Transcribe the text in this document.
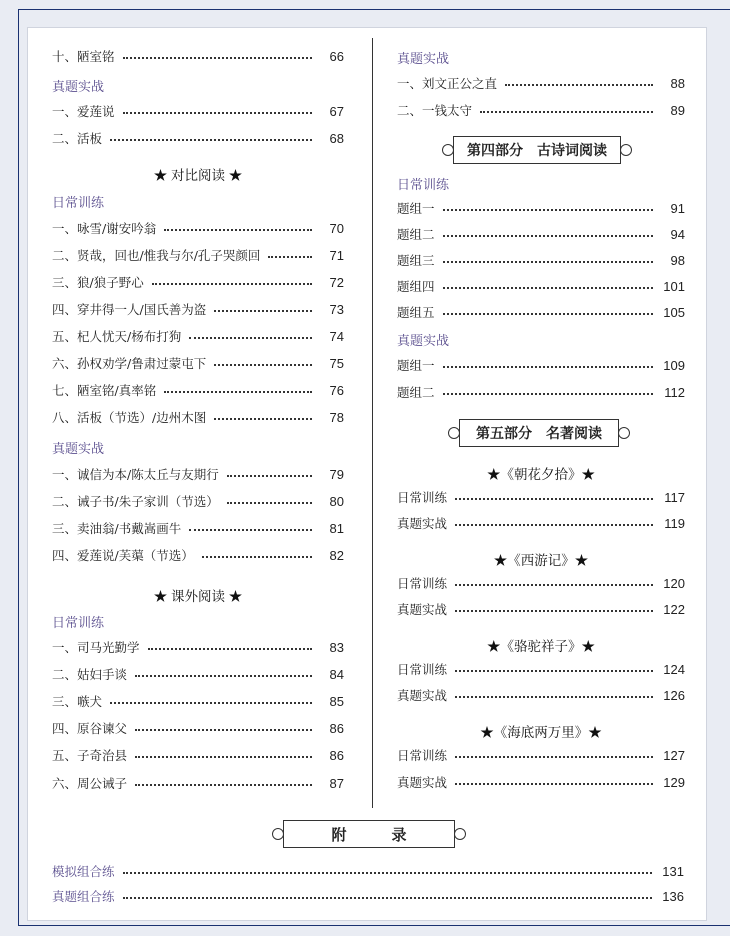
十、陋室铭	66
真题实战
一、爱莲说	67
二、活板	68
★ 对比阅读 ★
日常训练
一、咏雪/谢安吟翁	70
二、贤哉，回也/惟我与尔/孔子哭颜回	71
三、狼/狼子野心	72
四、穿井得一人/国氏善为盗	73
五、杞人忧天/杨布打狗	74
六、孙权劝学/鲁肃过蒙屯下	75
七、陋室铭/真率铭	76
八、活板（节选）/边州木图	78
真题实战
一、诚信为本/陈太丘与友期行	79
二、诫子书/朱子家训（节选）	80
三、卖油翁/书戴嵩画牛	81
四、爱莲说/芙蕖（节选）	82
★ 课外阅读 ★
日常训练
一、司马光勤学	83
二、姑妇手谈	84
三、嗾犬	85
四、原谷谏父	86
五、子奇治县	86
六、周公诫子	87
真题实战
一、刘文正公之直	88
二、一钱太守	89
第四部分　古诗词阅读
日常训练
题组一	91
题组二	94
题组三	98
题组四	101
题组五	105
真题实战
题组一	109
题组二	112
第五部分　名著阅读
★《朝花夕拾》★
日常训练	117
真题实战	119
★《西游记》★
日常训练	120
真题实战	122
★《骆驼祥子》★
日常训练	124
真题实战	126
★《海底两万里》★
日常训练	127
真题实战	129
附　　　录
模拟组合练	131
真题组合练	136
